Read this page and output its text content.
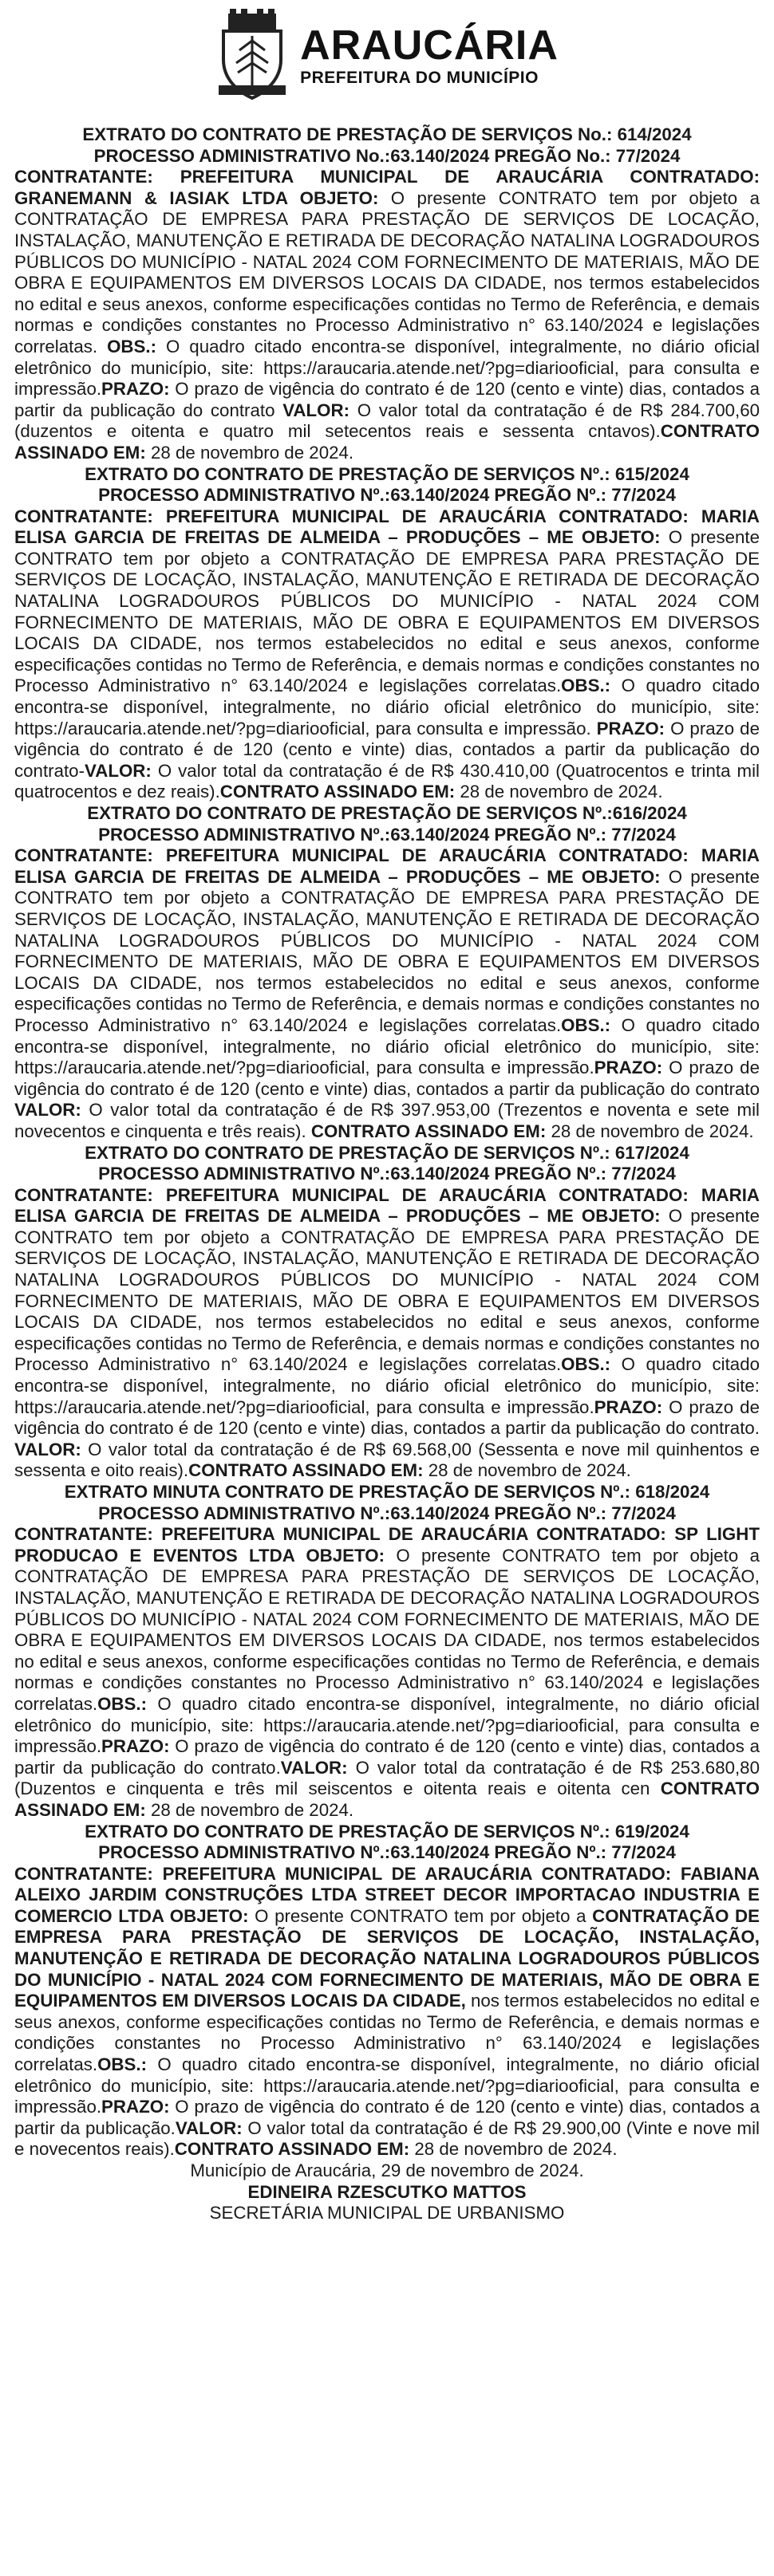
ARAUCÁRIA
PREFEITURA DO MUNICÍPIO

EXTRATO DO CONTRATO DE PRESTAÇÃO DE SERVIÇOS No.: 614/2024

PROCESSO ADMINISTRATIVO No.:63.140/2024 PREGÃO No.: 77/2024

CONTRATANTE: PREFEITURA MUNICIPAL DE ARAUCÁRIA CONTRATADO: GRANEMANN & IASIAK LTDA OBJETO: O presente CONTRATO tem por objeto a CONTRATAÇÃO DE EMPRESA PARA PRESTAÇÃO DE SERVIÇOS DE LOCAÇÃO, INSTALAÇÃO, MANUTENÇÃO E RETIRADA DE DECORAÇÃO NATALINA LOGRADOUROS PÚBLICOS DO MUNICÍPIO - NATAL 2024 COM FORNECIMENTO DE MATERIAIS, MÃO DE OBRA E EQUIPAMENTOS EM DIVERSOS LOCAIS DA CIDADE, nos termos estabelecidos no edital e seus anexos, conforme especificações contidas no Termo de Referência, e demais normas e condições constantes no Processo Administrativo n° 63.140/2024 e legislações correlatas. OBS.: O quadro citado encontra-se disponível, integralmente, no diário oficial eletrônico do município, site: https://araucaria.atende.net/?pg=diariooficial, para consulta e impressão.PRAZO: O prazo de vigência do contrato é de 120 (cento e vinte) dias, contados a partir da publicação do contrato VALOR: O valor total da contratação é de R$ 284.700,60 (duzentos e oitenta e quatro mil setecentos reais e sessenta cntavos).CONTRATO ASSINADO EM: 28 de novembro de 2024.

EXTRATO DO CONTRATO DE PRESTAÇÃO DE SERVIÇOS Nº.: 615/2024

PROCESSO ADMINISTRATIVO Nº.:63.140/2024 PREGÃO Nº.: 77/2024

CONTRATANTE: PREFEITURA MUNICIPAL DE ARAUCÁRIA CONTRATADO: MARIA ELISA GARCIA DE FREITAS DE ALMEIDA – PRODUÇÕES – ME OBJETO: O presente CONTRATO tem por objeto a CONTRATAÇÃO DE EMPRESA PARA PRESTAÇÃO DE SERVIÇOS DE LOCAÇÃO, INSTALAÇÃO, MANUTENÇÃO E RETIRADA DE DECORAÇÃO NATALINA LOGRADOUROS PÚBLICOS DO MUNICÍPIO - NATAL 2024 COM FORNECIMENTO DE MATERIAIS, MÃO DE OBRA E EQUIPAMENTOS EM DIVERSOS LOCAIS DA CIDADE, nos termos estabelecidos no edital e seus anexos, conforme especificações contidas no Termo de Referência, e demais normas e condições constantes no Processo Administrativo n° 63.140/2024 e legislações correlatas.OBS.: O quadro citado encontra-se disponível, integralmente, no diário oficial eletrônico do município, site: https://araucaria.atende.net/?pg=diariooficial, para consulta e impressão. PRAZO: O prazo de vigência do contrato é de 120 (cento e vinte) dias, contados a partir da publicação do contrato-VALOR: O valor total da contratação é de R$ 430.410,00 (Quatrocentos e trinta mil quatrocentos e dez reais).CONTRATO ASSINADO EM: 28 de novembro de 2024.

EXTRATO DO CONTRATO DE PRESTAÇÃO DE SERVIÇOS Nº.:616/2024

PROCESSO ADMINISTRATIVO Nº.:63.140/2024 PREGÃO Nº.: 77/2024

CONTRATANTE: PREFEITURA MUNICIPAL DE ARAUCÁRIA CONTRATADO: MARIA ELISA GARCIA DE FREITAS DE ALMEIDA – PRODUÇÕES – ME OBJETO: O presente CONTRATO tem por objeto a CONTRATAÇÃO DE EMPRESA PARA PRESTAÇÃO DE SERVIÇOS DE LOCAÇÃO, INSTALAÇÃO, MANUTENÇÃO E RETIRADA DE DECORAÇÃO NATALINA LOGRADOUROS PÚBLICOS DO MUNICÍPIO - NATAL 2024 COM FORNECIMENTO DE MATERIAIS, MÃO DE OBRA E EQUIPAMENTOS EM DIVERSOS LOCAIS DA CIDADE, nos termos estabelecidos no edital e seus anexos, conforme especificações contidas no Termo de Referência, e demais normas e condições constantes no Processo Administrativo n° 63.140/2024 e legislações correlatas.OBS.: O quadro citado encontra-se disponível, integralmente, no diário oficial eletrônico do município, site: https://araucaria.atende.net/?pg=diariooficial, para consulta e impressão.PRAZO: O prazo de vigência do contrato é de 120 (cento e vinte) dias, contados a partir da publicação do contrato VALOR: O valor total da contratação é de R$ 397.953,00 (Trezentos e noventa e sete mil novecentos e cinquenta e três reais). CONTRATO ASSINADO EM: 28 de novembro de 2024.

EXTRATO DO CONTRATO DE PRESTAÇÃO DE SERVIÇOS Nº.: 617/2024

PROCESSO ADMINISTRATIVO Nº.:63.140/2024 PREGÃO Nº.: 77/2024

CONTRATANTE: PREFEITURA MUNICIPAL DE ARAUCÁRIA CONTRATADO: MARIA ELISA GARCIA DE FREITAS DE ALMEIDA – PRODUÇÕES – ME OBJETO: O presente CONTRATO tem por objeto a CONTRATAÇÃO DE EMPRESA PARA PRESTAÇÃO DE SERVIÇOS DE LOCAÇÃO, INSTALAÇÃO, MANUTENÇÃO E RETIRADA DE DECORAÇÃO NATALINA LOGRADOUROS PÚBLICOS DO MUNICÍPIO - NATAL 2024 COM FORNECIMENTO DE MATERIAIS, MÃO DE OBRA E EQUIPAMENTOS EM DIVERSOS LOCAIS DA CIDADE, nos termos estabelecidos no edital e seus anexos, conforme especificações contidas no Termo de Referência, e demais normas e condições constantes no Processo Administrativo n° 63.140/2024 e legislações correlatas.OBS.: O quadro citado encontra-se disponível, integralmente, no diário oficial eletrônico do município, site: https://araucaria.atende.net/?pg=diariooficial, para consulta e impressão.PRAZO: O prazo de vigência do contrato é de 120 (cento e vinte) dias, contados a partir da publicação do contrato. VALOR: O valor total da contratação é de R$ 69.568,00 (Sessenta e nove mil quinhentos e sessenta e oito reais).CONTRATO ASSINADO EM: 28 de novembro de 2024.

EXTRATO MINUTA CONTRATO DE PRESTAÇÃO DE SERVIÇOS Nº.: 618/2024

PROCESSO ADMINISTRATIVO Nº.:63.140/2024 PREGÃO Nº.: 77/2024

CONTRATANTE: PREFEITURA MUNICIPAL DE ARAUCÁRIA CONTRATADO: SP LIGHT PRODUCAO E EVENTOS LTDA OBJETO: O presente CONTRATO tem por objeto a CONTRATAÇÃO DE EMPRESA PARA PRESTAÇÃO DE SERVIÇOS DE LOCAÇÃO, INSTALAÇÃO, MANUTENÇÃO E RETIRADA DE DECORAÇÃO NATALINA LOGRADOUROS PÚBLICOS DO MUNICÍPIO - NATAL 2024 COM FORNECIMENTO DE MATERIAIS, MÃO DE OBRA E EQUIPAMENTOS EM DIVERSOS LOCAIS DA CIDADE, nos termos estabelecidos no edital e seus anexos, conforme especificações contidas no Termo de Referência, e demais normas e condições constantes no Processo Administrativo n° 63.140/2024 e legislações correlatas.OBS.: O quadro citado encontra-se disponível, integralmente, no diário oficial eletrônico do município, site: https://araucaria.atende.net/?pg=diariooficial, para consulta e impressão.PRAZO: O prazo de vigência do contrato é de 120 (cento e vinte) dias, contados a partir da publicação do contrato.VALOR: O valor total da contratação é de R$ 253.680,80 (Duzentos e cinquenta e três mil seiscentos e oitenta reais e oitenta cen CONTRATO ASSINADO EM: 28 de novembro de 2024.

EXTRATO DO CONTRATO DE PRESTAÇÃO DE SERVIÇOS Nº.: 619/2024

PROCESSO ADMINISTRATIVO Nº.:63.140/2024 PREGÃO Nº.: 77/2024

CONTRATANTE: PREFEITURA MUNICIPAL DE ARAUCÁRIA CONTRATADO: FABIANA ALEIXO JARDIM CONSTRUÇÕES LTDA STREET DECOR IMPORTACAO INDUSTRIA E COMERCIO LTDA OBJETO: O presente CONTRATO tem por objeto a CONTRATAÇÃO DE EMPRESA PARA PRESTAÇÃO DE SERVIÇOS DE LOCAÇÃO, INSTALAÇÃO, MANUTENÇÃO E RETIRADA DE DECORAÇÃO NATALINA LOGRADOUROS PÚBLICOS DO MUNICÍPIO - NATAL 2024 COM FORNECIMENTO DE MATERIAIS, MÃO DE OBRA E EQUIPAMENTOS EM DIVERSOS LOCAIS DA CIDADE, nos termos estabelecidos no edital e seus anexos, conforme especificações contidas no Termo de Referência, e demais normas e condições constantes no Processo Administrativo n° 63.140/2024 e legislações correlatas.OBS.: O quadro citado encontra-se disponível, integralmente, no diário oficial eletrônico do município, site: https://araucaria.atende.net/?pg=diariooficial, para consulta e impressão.PRAZO: O prazo de vigência do contrato é de 120 (cento e vinte) dias, contados a partir da publicação.VALOR: O valor total da contratação é de R$ 29.900,00 (Vinte e nove mil e novecentos reais).CONTRATO ASSINADO EM: 28 de novembro de 2024.

Município de Araucária, 29 de novembro de 2024.
EDINEIRA RZESCUTKO MATTOS
SECRETÁRIA MUNICIPAL DE URBANISMO
